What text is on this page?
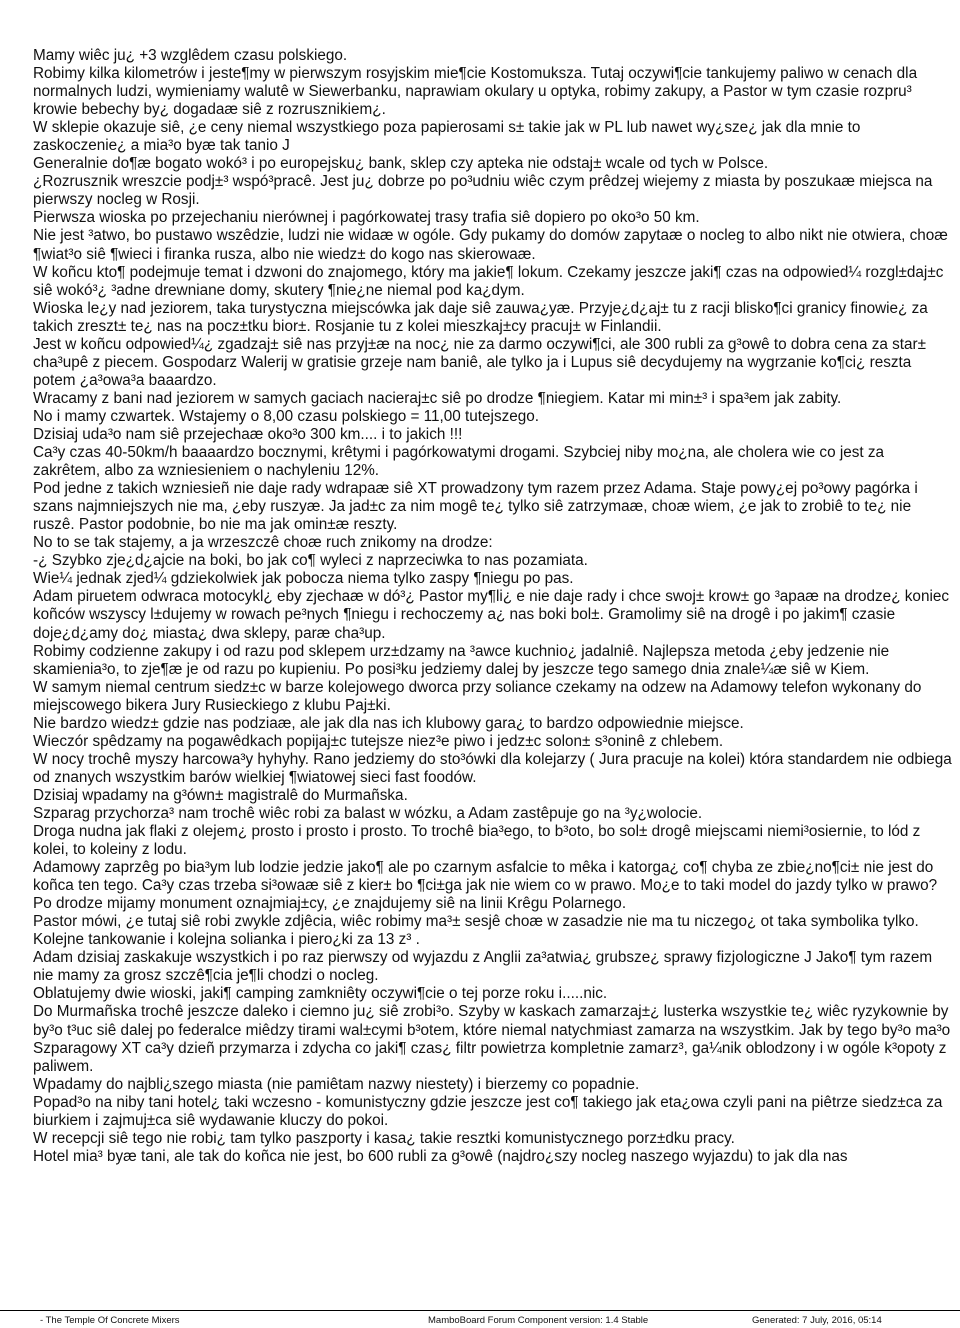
Mamy wiêc ju¿ +3 wzglêdem czasu polskiego.

Robimy kilka kilometrów i jeste¶my w pierwszym rosyjskim mie¶cie Kostomuksza. Tutaj oczywi¶cie tankujemy paliwo w cenach dla normalnych ludzi, wymieniamy walutê w Siewerbanku, naprawiam okulary u optyka, robimy zakupy, a Pastor w tym czasie rozpru³ krowie bebechy by¿ dogadaæ siê z rozrusznikiem¿.

W sklepie okazuje siê, ¿e ceny niemal wszystkiego poza papierosami s± takie jak w PL lub nawet wy¿sze¿ jak dla mnie to zaskoczenie¿ a mia³o byæ tak tanio J

Generalnie do¶æ bogato wokó³ i po europejsku¿ bank, sklep czy apteka nie odstaj± wcale od tych w Polsce.

¿Rozrusznik wreszcie podj±³ wspó³pracê. Jest ju¿ dobrze po po³udniu wiêc czym prêdzej wiejemy z miasta by poszukaæ miejsca na pierwszy nocleg w Rosji.

Pierwsza wioska po przejechaniu nierównej i pagórkowatej trasy trafia siê dopiero po oko³o 50 km.

Nie jest ³atwo, bo pustawo wszêdzie, ludzi nie widaæ w ogóle. Gdy pukamy do domów zapytaæ o nocleg to albo nikt nie otwiera, choæ ¶wiat³o siê ¶wieci i firanka rusza, albo nie wiedz± do kogo nas skierowaæ.

W koñcu kto¶ podejmuje temat i dzwoni do znajomego, który ma jakie¶ lokum. Czekamy jeszcze jaki¶ czas na odpowied¼ rozgl±daj±c siê wokó³¿ ³adne drewniane domy, skutery ¶nie¿ne niemal pod ka¿dym.

Wioska le¿y nad jeziorem, taka turystyczna miejscówka jak daje siê zauwa¿yæ. Przyje¿d¿aj± tu z racji blisko¶ci granicy finowie¿ za takich zreszt± te¿ nas na pocz±tku bior±. Rosjanie tu z kolei mieszkaj±cy pracuj± w Finlandii.

Jest w koñcu odpowied¼¿ zgadzaj± siê nas przyj±æ na noc¿ nie za darmo oczywi¶ci, ale 300 rubli za g³owê to dobra cena za star± cha³upê z piecem. Gospodarz Walerij w gratisie grzeje nam baniê, ale tylko ja i Lupus siê decydujemy na wygrzanie ko¶ci¿ reszta potem ¿a³owa³a baaardzo.

Wracamy z bani nad jeziorem w samych gaciach nacieraj±c siê po drodze ¶niegiem. Katar mi min±³ i spa³em jak zabity.

No i mamy czwartek. Wstajemy o 8,00 czasu polskiego = 11,00 tutejszego.

Dzisiaj uda³o nam siê przejechaæ oko³o 300 km.... i to jakich !!!

Ca³y czas 40-50km/h baaaardzo bocznymi, krêtymi i pagórkowatymi drogami. Szybciej niby mo¿na, ale cholera wie co jest za zakrêtem, albo za wzniesieniem o nachyleniu 12%.

Pod jedne z takich wzniesieñ nie daje rady wdrapaæ siê XT prowadzony tym razem przez Adama. Staje powy¿ej po³owy pagórka i szans najmniejszych nie ma, ¿eby ruszyæ. Ja jad±c za nim mogê te¿ tylko siê zatrzymaæ, choæ wiem, ¿e jak to zrobiê to te¿ nie ruszê. Pastor podobnie, bo nie ma jak omin±æ reszty.

No to se tak stajemy, a ja wrzeszczê choæ ruch znikomy na drodze:

-¿ Szybko zje¿d¿ajcie na boki, bo jak co¶ wyleci z naprzeciwka to nas pozamiata.

Wie¼ jednak zjed¼ gdziekolwiek jak pobocza niema tylko zaspy ¶niegu po pas.

Adam piruetem odwraca motocykl¿ eby zjechaæ w dó³¿ Pastor my¶li¿ e nie daje rady i chce swoj± krow± go ³apaæ na drodze¿ koniec koñców wszyscy l±dujemy w rowach pe³nych ¶niegu i rechoczemy a¿ nas boki bol±. Gramolimy siê na drogê i po jakim¶ czasie doje¿d¿amy do¿ miasta¿ dwa sklepy, paræ cha³up.

Robimy codzienne zakupy i od razu pod sklepem urz±dzamy na ³awce kuchnio¿ jadalniê. Najlepsza metoda ¿eby jedzenie nie skamienia³o, to zje¶æ je od razu po kupieniu. Po posi³ku jedziemy dalej by jeszcze tego samego dnia znale¼æ siê w Kiem.

W samym niemal centrum siedz±c w barze kolejowego dworca przy soliance czekamy na odzew na Adamowy telefon wykonany do miejscowego bikera Jury Rusieckiego z klubu Paj±ki.

Nie bardzo wiedz± gdzie nas podziaæ, ale jak dla nas ich klubowy gara¿ to bardzo odpowiednie miejsce.

Wieczór spêdzamy na pogawêdkach popijaj±c tutejsze niez³e piwo i jedz±c solon± s³oninê z chlebem.

W nocy trochê myszy harcowa³y hyhyhy. Rano jedziemy do sto³ówki dla kolejarzy ( Jura pracuje na kolei) która standardem nie odbiega od znanych wszystkim barów wielkiej ¶wiatowej sieci fast foodów.

Dzisiaj wpadamy na g³ówn± magistralê do Murmañska.

Szparag przychorza³ nam trochê wiêc robi za balast w wózku, a Adam zastêpuje go na ³y¿wolocie.

Droga nudna jak flaki z olejem¿ prosto i prosto i prosto. To trochê bia³ego, to b³oto, bo sol± drogê miejscami niemi³osiernie, to lód z kolei, to koleiny z lodu.

Adamowy zaprzêg po bia³ym lub lodzie jedzie jako¶ ale po czarnym asfalcie to mêka i katorga¿ co¶ chyba ze zbie¿no¶ci± nie jest do koñca ten tego. Ca³y czas trzeba si³owaæ siê z kier± bo ¶ci±ga jak nie wiem co w prawo. Mo¿e to taki model do jazdy tylko w prawo?

Po drodze mijamy monument oznajmiaj±cy, ¿e znajdujemy siê na linii Krêgu Polarnego.

Pastor mówi, ¿e tutaj siê robi zwykle zdjêcia, wiêc robimy ma³± sesjê choæ w zasadzie nie ma tu niczego¿ ot taka symbolika tylko.

Kolejne tankowanie i kolejna solianka i piero¿ki za 13 z³ .

Adam dzisiaj zaskakuje wszystkich i po raz pierwszy od wyjazdu z Anglii za³atwia¿ grubsze¿ sprawy fizjologiczne J Jako¶ tym razem nie mamy za grosz szczê¶cia je¶li chodzi o nocleg.

Oblatujemy dwie wioski, jaki¶ camping zamkniêty oczywi¶cie o tej porze roku i.....nic.

Do Murmañska trochê jeszcze daleko i ciemno ju¿ siê zrobi³o. Szyby w kaskach zamarzaj±¿ lusterka wszystkie te¿ wiêc ryzykownie by by³o t³uc siê dalej po federalce miêdzy tirami wal±cymi b³otem, które niemal natychmiast zamarza na wszystkim. Jak by tego by³o ma³o Szparagowy XT ca³y dzieñ przymarza i zdycha co jaki¶ czas¿ filtr powietrza kompletnie zamarz³, ga¼nik oblodzony i w ogóle k³opoty z paliwem.

Wpadamy do najbli¿szego miasta (nie pamiêtam nazwy niestety) i bierzemy co popadnie.

Popad³o na niby tani hotel¿ taki wczesno - komunistyczny gdzie jeszcze jest co¶ takiego jak eta¿owa czyli pani na piêtrze siedz±ca za biurkiem i zajmuj±ca siê wydawanie kluczy do pokoi.

W recepcji siê tego nie robi¿ tam tylko paszporty i kasa¿ takie resztki komunistycznego porz±dku pracy.

Hotel mia³ byæ tani, ale tak do koñca nie jest, bo 600 rubli za g³owê (najdro¿szy nocleg naszego wyjazdu) to jak dla nas

- The Temple Of Concrete Mixers	MamboBoard Forum Component version: 1.4 Stable	Generated: 7 July, 2016, 05:14
